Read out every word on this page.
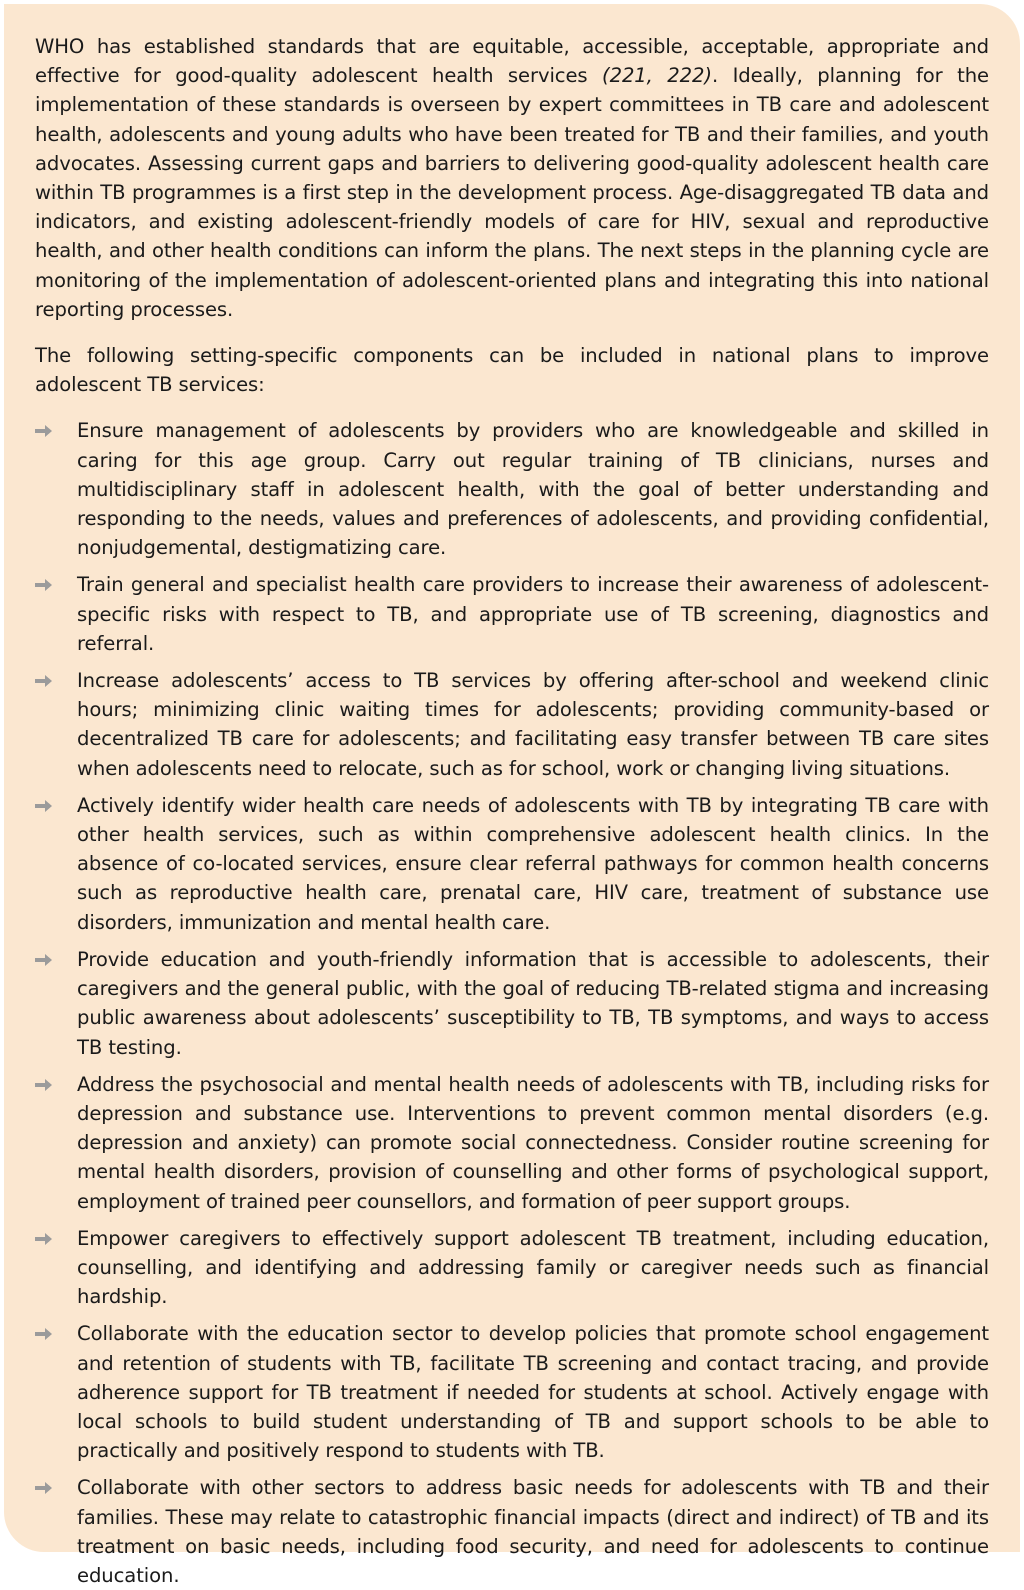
WHO has established standards that are equitable, accessible, acceptable, appropriate and effective for good-quality adolescent health services (221, 222). Ideally, planning for the implementation of these standards is overseen by expert committees in TB care and adolescent health, adolescents and young adults who have been treated for TB and their families, and youth advocates. Assessing current gaps and barriers to delivering good-quality adolescent health care within TB programmes is a first step in the development process. Age-disaggregated TB data and indicators, and existing adolescent-friendly models of care for HIV, sexual and reproductive health, and other health conditions can inform the plans. The next steps in the planning cycle are monitoring of the implementation of adolescent-oriented plans and integrating this into national reporting processes.

The following setting-specific components can be included in national plans to improve adolescent TB services:

Ensure management of adolescents by providers who are knowledgeable and skilled in caring for this age group. Carry out regular training of TB clinicians, nurses and multidisciplinary staff in adolescent health, with the goal of better understanding and responding to the needs, values and preferences of adolescents, and providing confidential, nonjudgemental, destigmatizing care.
Train general and specialist health care providers to increase their awareness of adolescent-specific risks with respect to TB, and appropriate use of TB screening, diagnostics and referral.
Increase adolescents’ access to TB services by offering after-school and weekend clinic hours; minimizing clinic waiting times for adolescents; providing community-based or decentralized TB care for adolescents; and facilitating easy transfer between TB care sites when adolescents need to relocate, such as for school, work or changing living situations.
Actively identify wider health care needs of adolescents with TB by integrating TB care with other health services, such as within comprehensive adolescent health clinics. In the absence of co-located services, ensure clear referral pathways for common health concerns such as reproductive health care, prenatal care, HIV care, treatment of substance use disorders, immunization and mental health care.
Provide education and youth-friendly information that is accessible to adolescents, their caregivers and the general public, with the goal of reducing TB-related stigma and increasing public awareness about adolescents’ susceptibility to TB, TB symptoms, and ways to access TB testing.
Address the psychosocial and mental health needs of adolescents with TB, including risks for depression and substance use. Interventions to prevent common mental disorders (e.g. depression and anxiety) can promote social connectedness. Consider routine screening for mental health disorders, provision of counselling and other forms of psychological support, employment of trained peer counsellors, and formation of peer support groups.
Empower caregivers to effectively support adolescent TB treatment, including education, counselling, and identifying and addressing family or caregiver needs such as financial hardship.
Collaborate with the education sector to develop policies that promote school engagement and retention of students with TB, facilitate TB screening and contact tracing, and provide adherence support for TB treatment if needed for students at school. Actively engage with local schools to build student understanding of TB and support schools to be able to practically and positively respond to students with TB.
Collaborate with other sectors to address basic needs for adolescents with TB and their families. These may relate to catastrophic financial impacts (direct and indirect) of TB and its treatment on basic needs, including food security, and need for adolescents to continue education.
